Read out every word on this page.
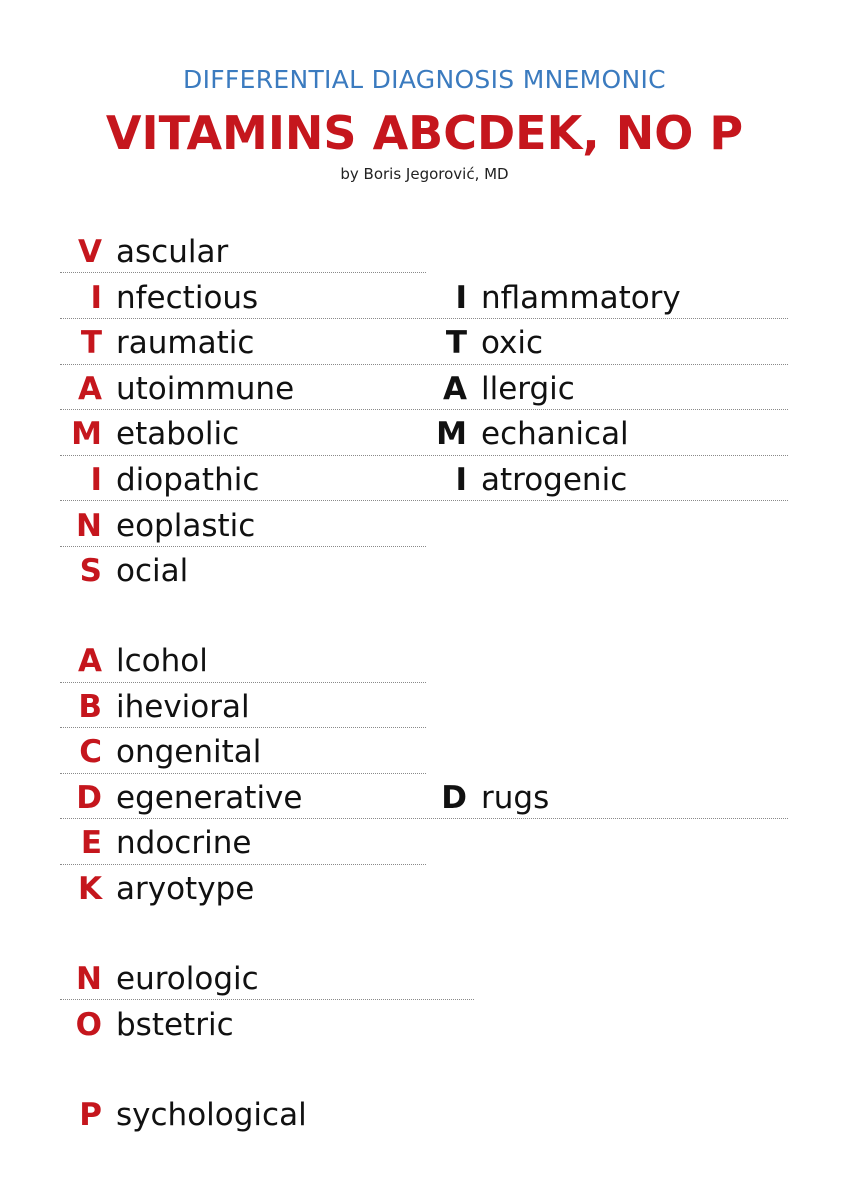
DIFFERENTIAL DIAGNOSIS MNEMONIC
VITAMINS ABCDEK, NO P
by Boris Jegorović, MD
V ascular
I nfectious	I nflammatory
T raumatic	T oxic
A utoimmune	A llergic
M etabolic	M echanical
I diopathic	I atrogenic
N eoplastic
S ocial
A lcohol
B ihevioral
C ongenital
D egenerative	D rugs
E ndocrine
K aryotype
N eurologic
O bstetric
P sychological
